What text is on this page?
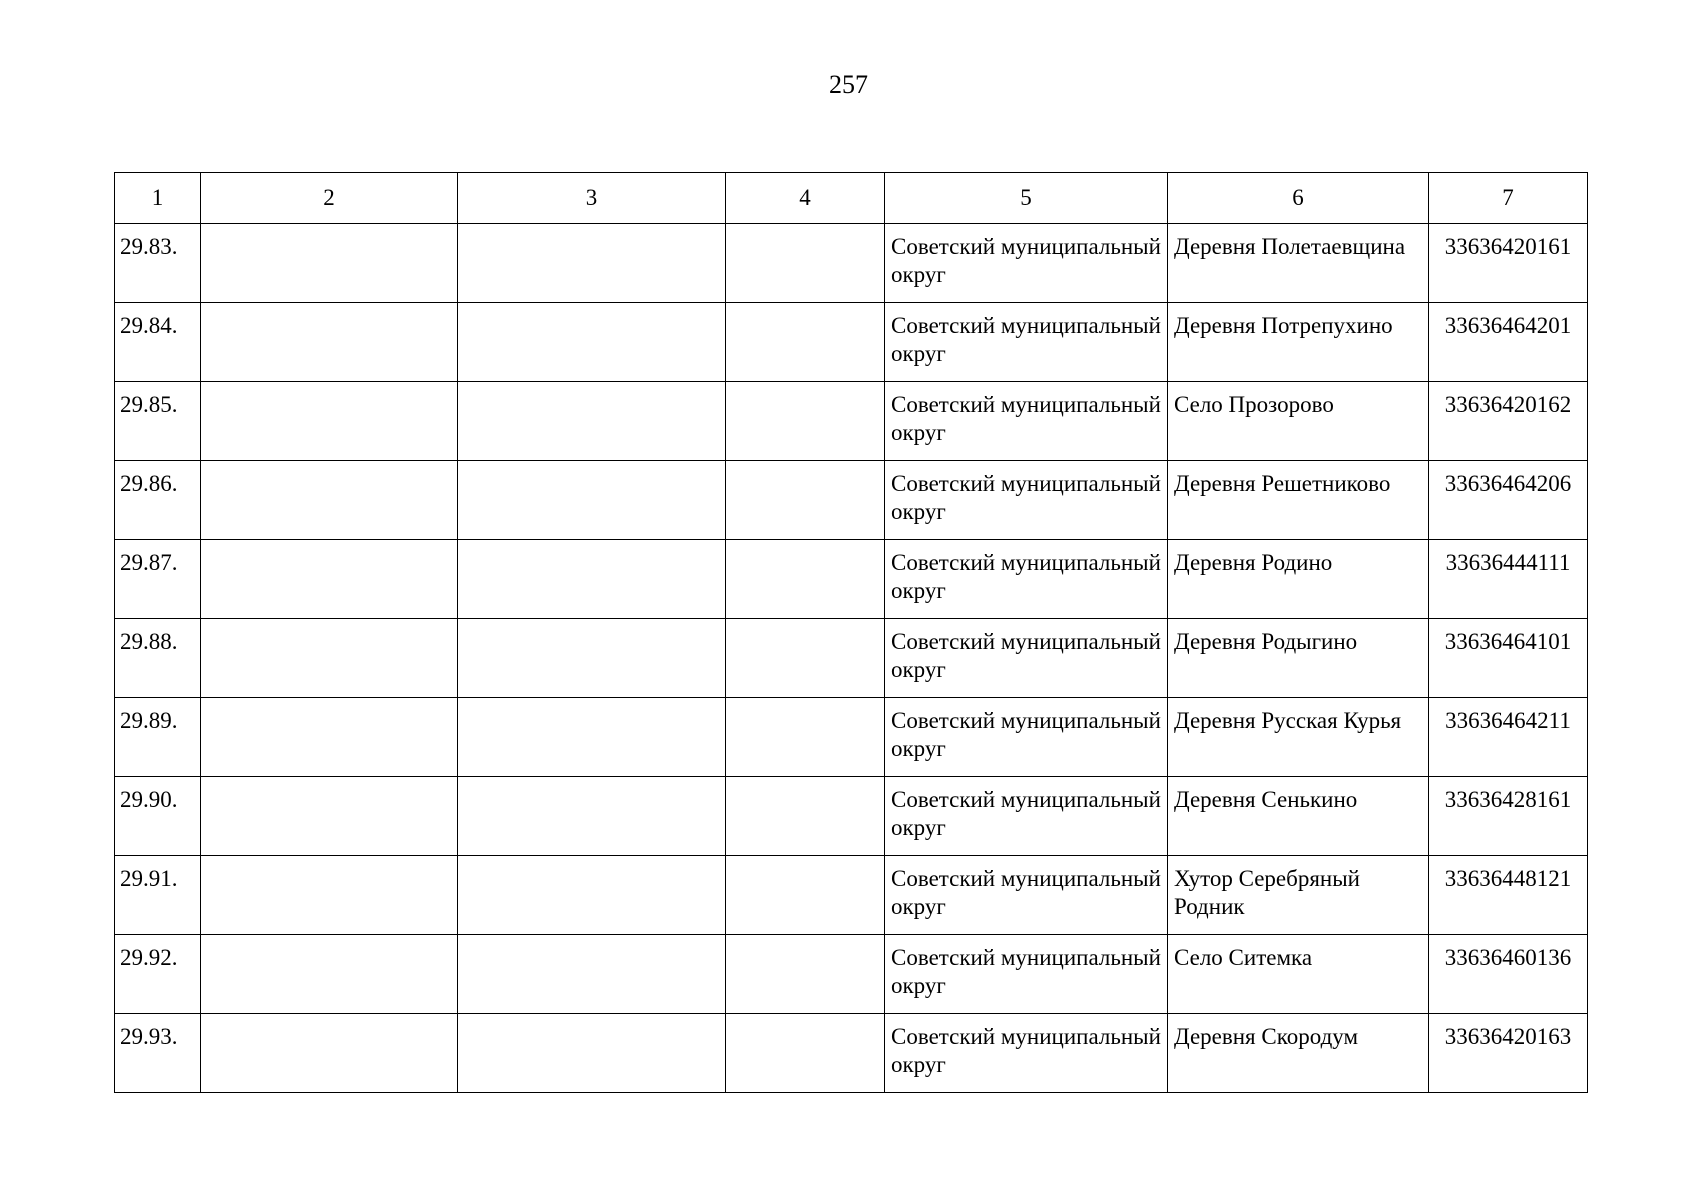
257
1	2	3	4	5	6	7
29.83.				Советский муниципальный округ	Деревня Полетаевщина	33636420161
29.84.				Советский муниципальный округ	Деревня Потрепухино	33636464201
29.85.				Советский муниципальный округ	Село Прозорово	33636420162
29.86.				Советский муниципальный округ	Деревня Решетниково	33636464206
29.87.				Советский муниципальный округ	Деревня Родино	33636444111
29.88.				Советский муниципальный округ	Деревня Родыгино	33636464101
29.89.				Советский муниципальный округ	Деревня Русская Курья	33636464211
29.90.				Советский муниципальный округ	Деревня Сенькино	33636428161
29.91.				Советский муниципальный округ	Хутор Серебряный Родник	33636448121
29.92.				Советский муниципальный округ	Село Ситемка	33636460136
29.93.				Советский муниципальный округ	Деревня Скородум	33636420163
